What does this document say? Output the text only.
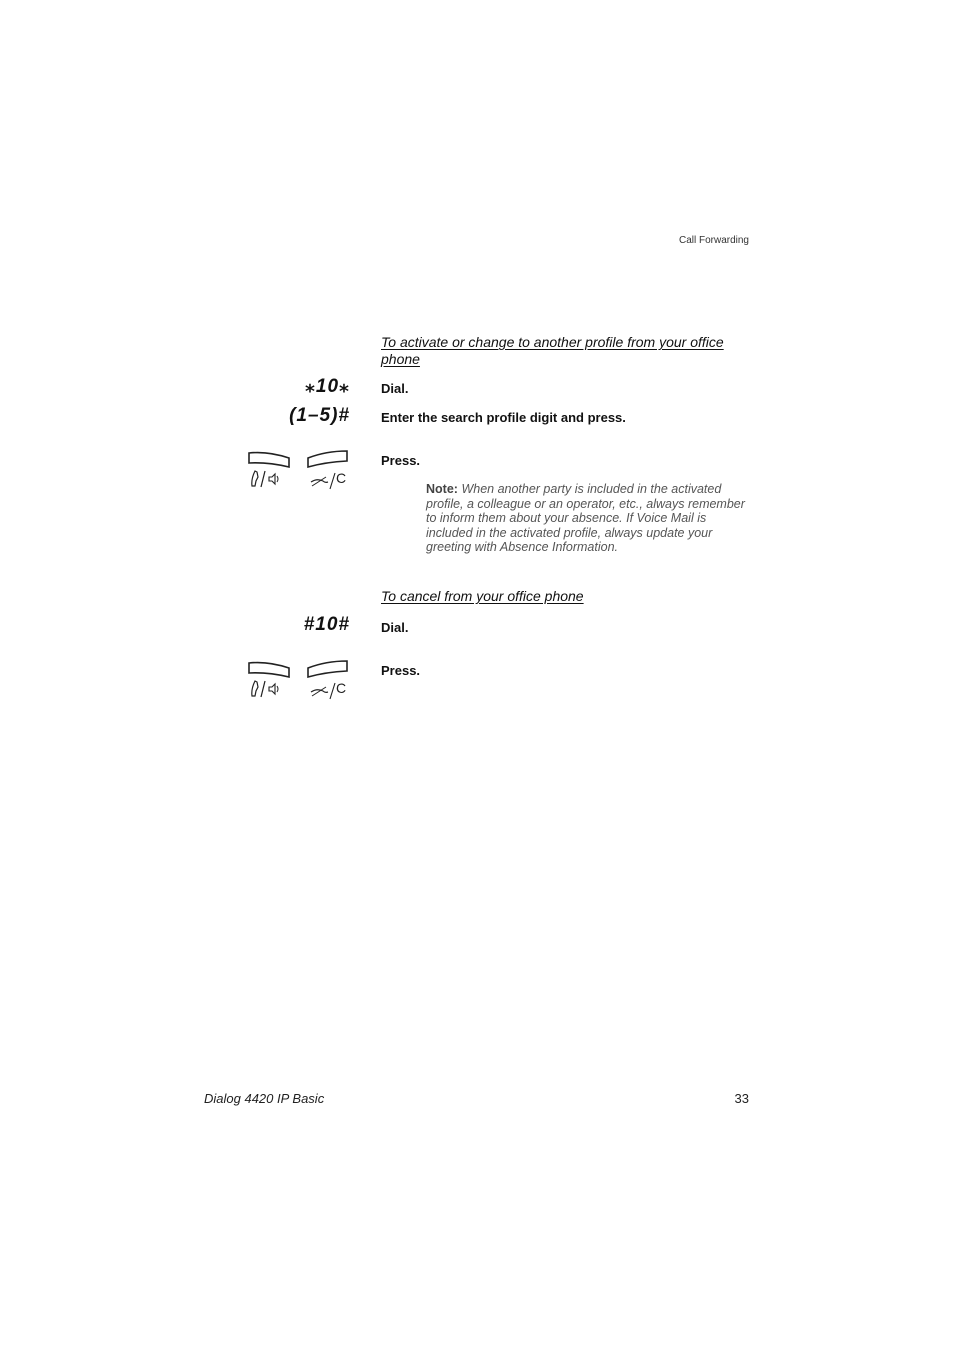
Call Forwarding
To activate or change to another profile from your office phone
⁎10⁎ Dial.
(1–5)# Enter the search profile digit and press.
C
Press.
Note: When another party is included in the activated profile, a colleague or an operator, etc., always remember to inform them about your absence. If Voice Mail is included in the activated profile, always update your greeting with Absence Information.
To cancel from your office phone
#10# Dial.
C
Press.
Dialog 4420 IP Basic	33
